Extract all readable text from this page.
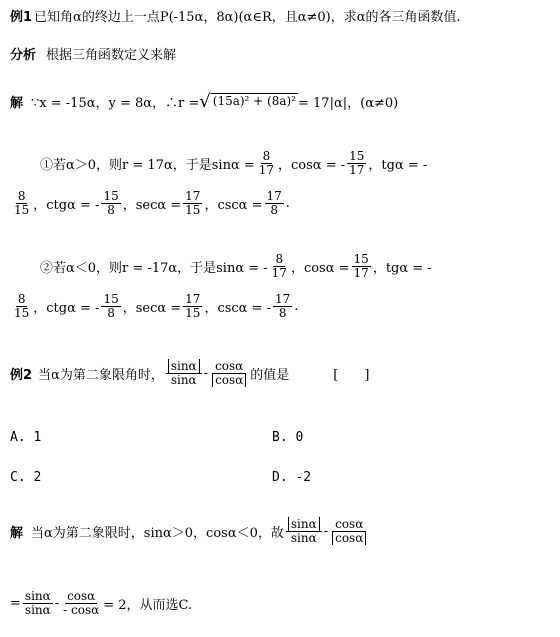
例1 已知角α的终边上一点P(-15α，8α)(α∈R，且α≠0)，求α的各三角函数值.
分析 根据三角函数定义来解
解 ∵x = -15α，y = 8α，∴r = √ (15a)² + (8a)² = 17|α|，(α≠0)
①若α＞0，则r = 17α，于是$\sin\alpha = \frac{8}{17}$ ，cosα = - $\frac{15}{17}$ ，tgα = -
$\frac{8}{15}$ ，ctgα = - $\frac{15}{8}$ ，$\sec\alpha = \frac{17}{15}$ ，$\csc\alpha = \frac{17}{8}$ .
②若α＜0，则r = -17α，于是sinα = - $\frac{8}{17}$ ，$\cos\alpha = \frac{15}{17}$ ，tgα = -
$\frac{8}{15}$ ，ctgα = - $\frac{15}{8}$ ，$\sec\alpha = \frac{17}{15}$ ，cscα = - $\frac{17}{8}$ .
例2 当α为第二象限角时， $\frac{\sin\alpha}{\sin\alpha} - \frac{\cos\alpha}{\cos\alpha}$ 的值是	[　　]
A. 1	B. 0
C. 2	D. -2
解 当α为第二象限时，sinα＞0，cosα＜0，故 $\frac{\sin\alpha}{\sin\alpha} - \frac{\cos\alpha}{\cos\alpha}$
= $\frac{\sin\alpha}{\sin\alpha} - \frac{\cos\alpha}{- \cos\alpha} = 2$，从而选C.
